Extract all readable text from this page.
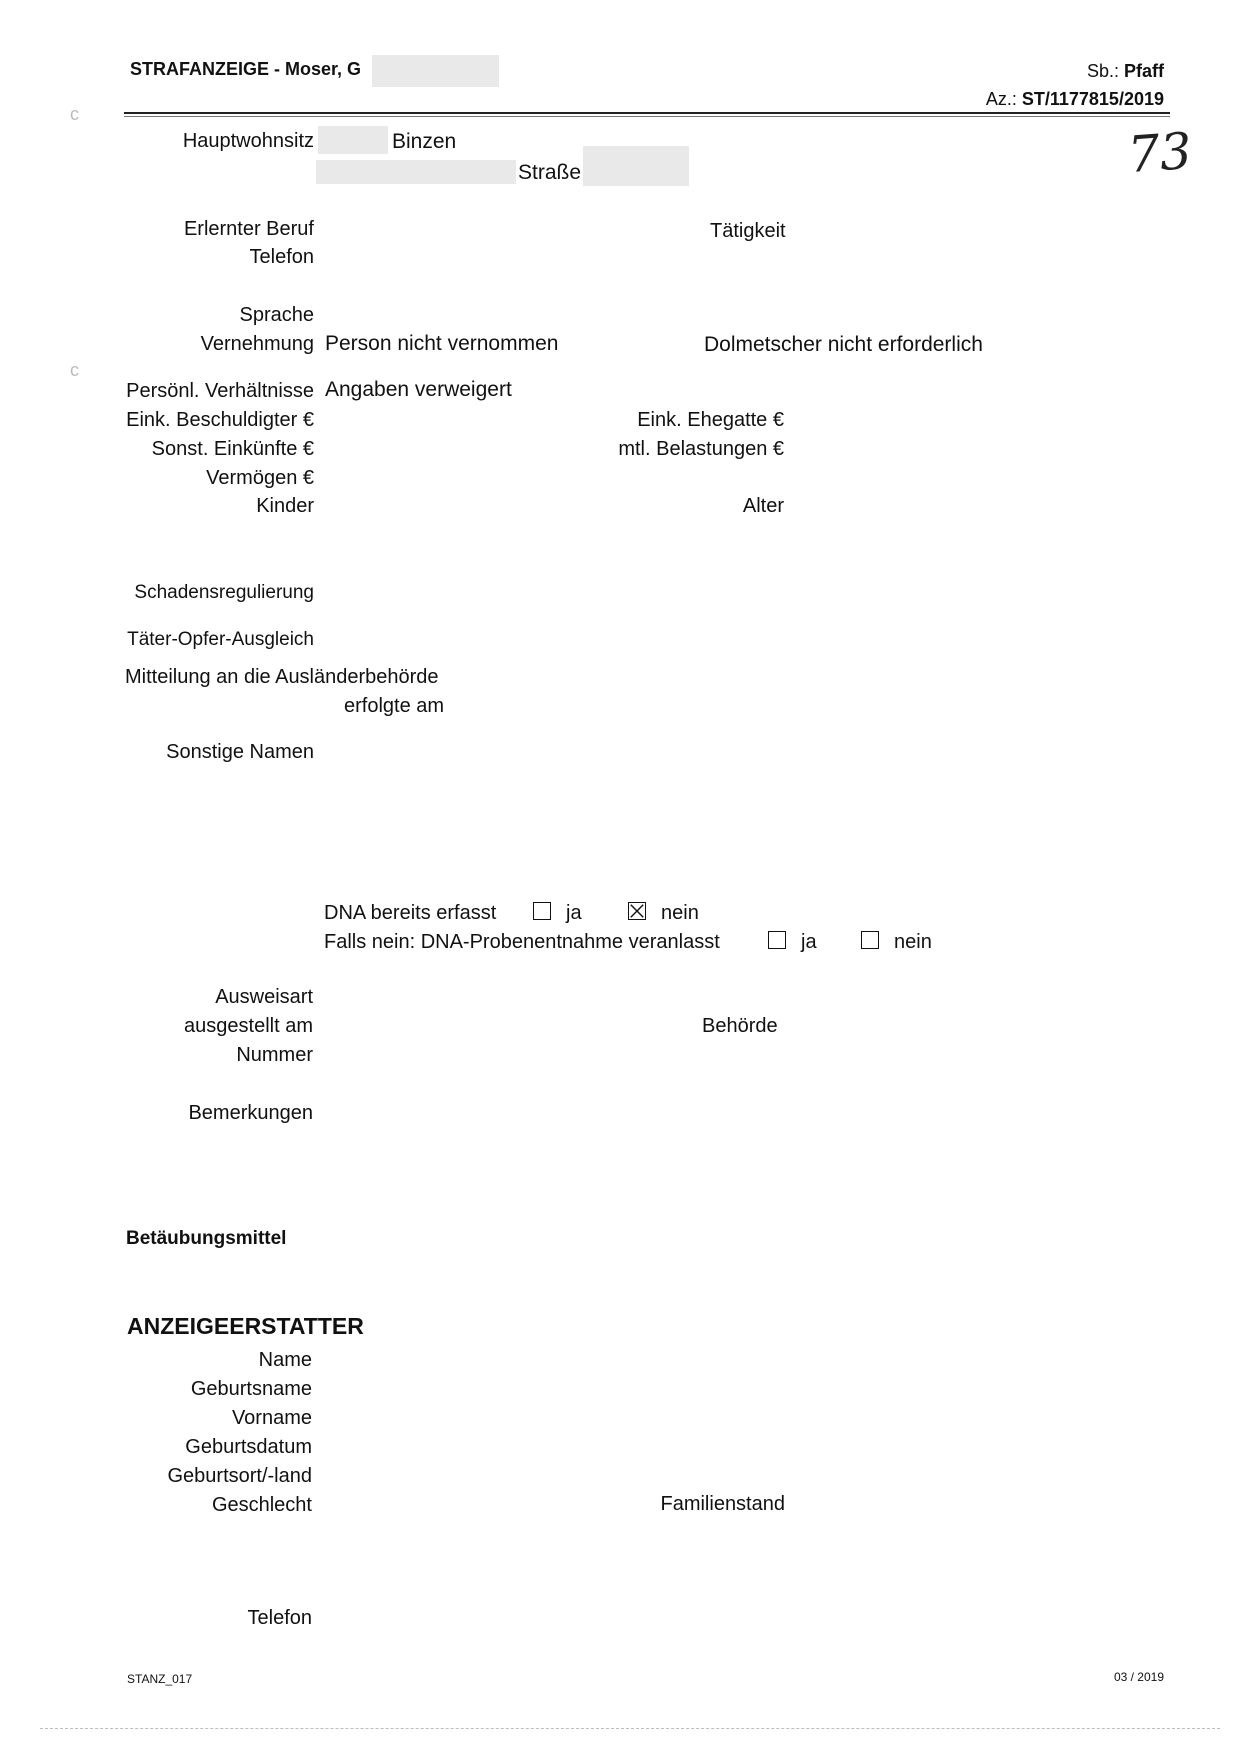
STRAFANZEIGE - Moser, G	Sb.: Pfaff
Az.: ST/1177815/2019
73
c
c
Hauptwohnsitz	Binzen
Straße
Erlernter Beruf	Tätigkeit
Telefon
Sprache
Vernehmung Person nicht vernommen	Dolmetscher nicht erforderlich
Persönl. Verhältnisse Angaben verweigert
Eink. Beschuldigter €	Eink. Ehegatte €
Sonst. Einkünfte €	mtl. Belastungen €
Vermögen €
Kinder	Alter
Schadensregulierung
Täter-Opfer-Ausgleich
Mitteilung an die Ausländerbehörde
erfolgte am
Sonstige Namen
DNA bereits erfasst	ja	nein
Falls nein: DNA-Probenentnahme veranlasst	ja	nein
Ausweisart
ausgestellt am	Behörde
Nummer
Bemerkungen
Betäubungsmittel
ANZEIGEERSTATTER
Name
Geburtsname
Vorname
Geburtsdatum
Geburtsort/-land
Geschlecht	Familienstand
Telefon
STANZ_017	03 / 2019
